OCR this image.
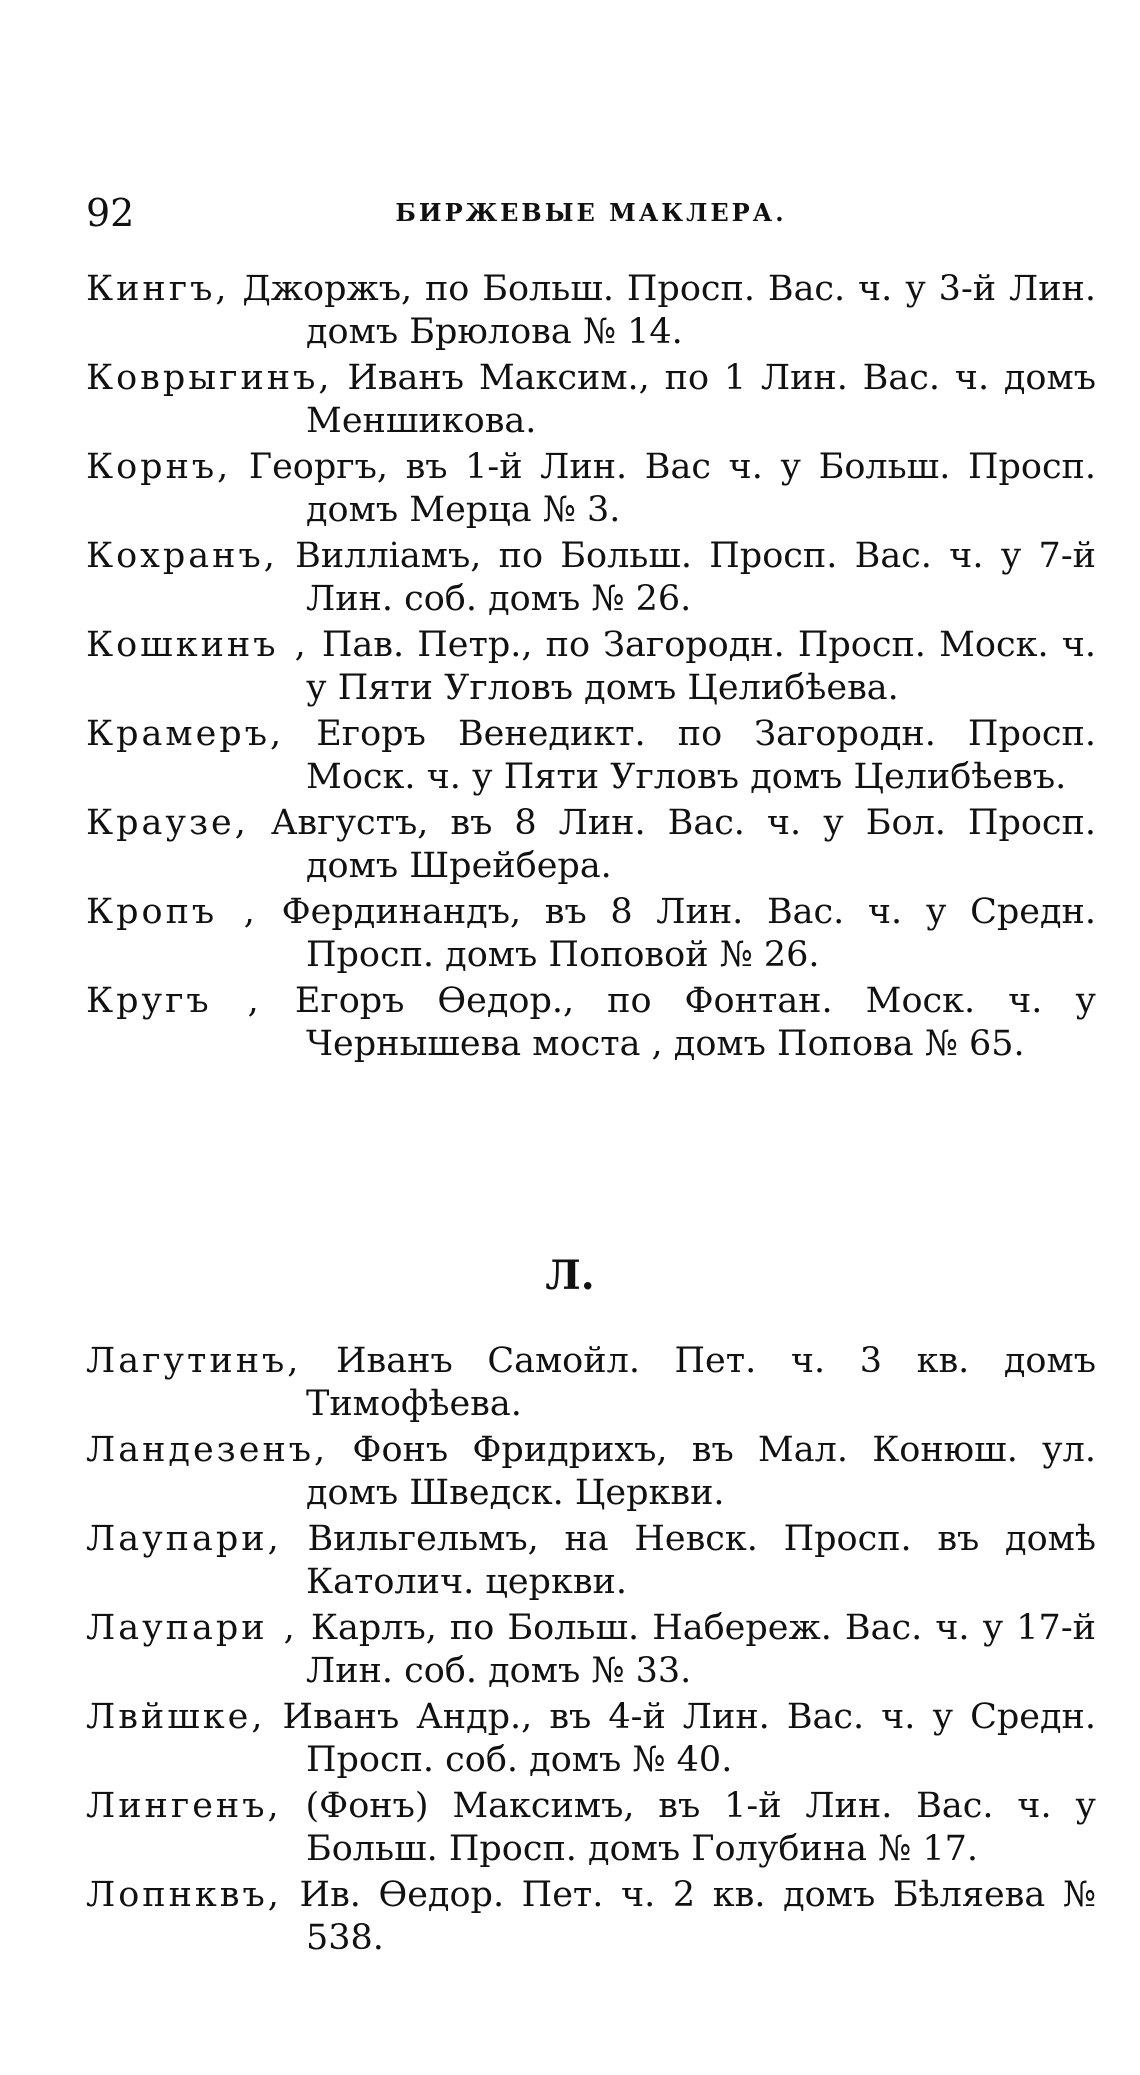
92	БИРЖЕВЫЕ МАКЛЕРА.

Кингъ, Джоржъ, по Больш. Просп. Вас. ч. у 3-й Лин. домъ Брюлова № 14.

Коврыгинъ, Иванъ Максим., по 1 Лин. Вас. ч. домъ Меншикова.

Корнъ, Георгъ, въ 1-й Лин. Вас ч. у Больш. Просп. домъ Мерца № 3.

Кохранъ, Вилліамъ, по Больш. Просп. Вас. ч. у 7-й Лин. соб. домъ № 26.

Кошкинъ , Пав. Петр., по Загородн. Просп. Моск. ч. у Пяти Угловъ домъ Целибѣева.

Крамеръ, Егоръ Венедикт. по Загородн. Просп. Моск. ч. у Пяти Угловъ домъ Целибѣевъ.

Краузе, Августъ, въ 8 Лин. Вас. ч. у Бол. Просп. домъ Шрейбера.

Кропъ , Фердинандъ, въ 8 Лин. Вас. ч. у Средн. Просп. домъ Поповой № 26.

Кругъ , Егоръ Өедор., по Фонтан. Моск. ч. у Чернышева моста , домъ Попова № 65.

Л.

Лагутинъ, Иванъ Самойл. Пет. ч. 3 кв. домъ Тимофѣева.

Ландезенъ, Фонъ Фридрихъ, въ Мал. Конюш. ул. домъ Шведск. Церкви.

Лаупари, Вильгельмъ, на Невск. Просп. въ домѣ Католич. церкви.

Лаупари , Карлъ, по Больш. Набереж. Вас. ч. у 17-й Лин. соб. домъ № 33.

Лвйшке, Иванъ Андр., въ 4-й Лин. Вас. ч. у Средн. Просп. соб. домъ № 40.

Лингенъ, (Фонъ) Максимъ, въ 1-й Лин. Вас. ч. у Больш. Просп. домъ Голубина № 17.

Лопнквъ, Ив. Өедор. Пет. ч. 2 кв. домъ Бѣляева № 538.
